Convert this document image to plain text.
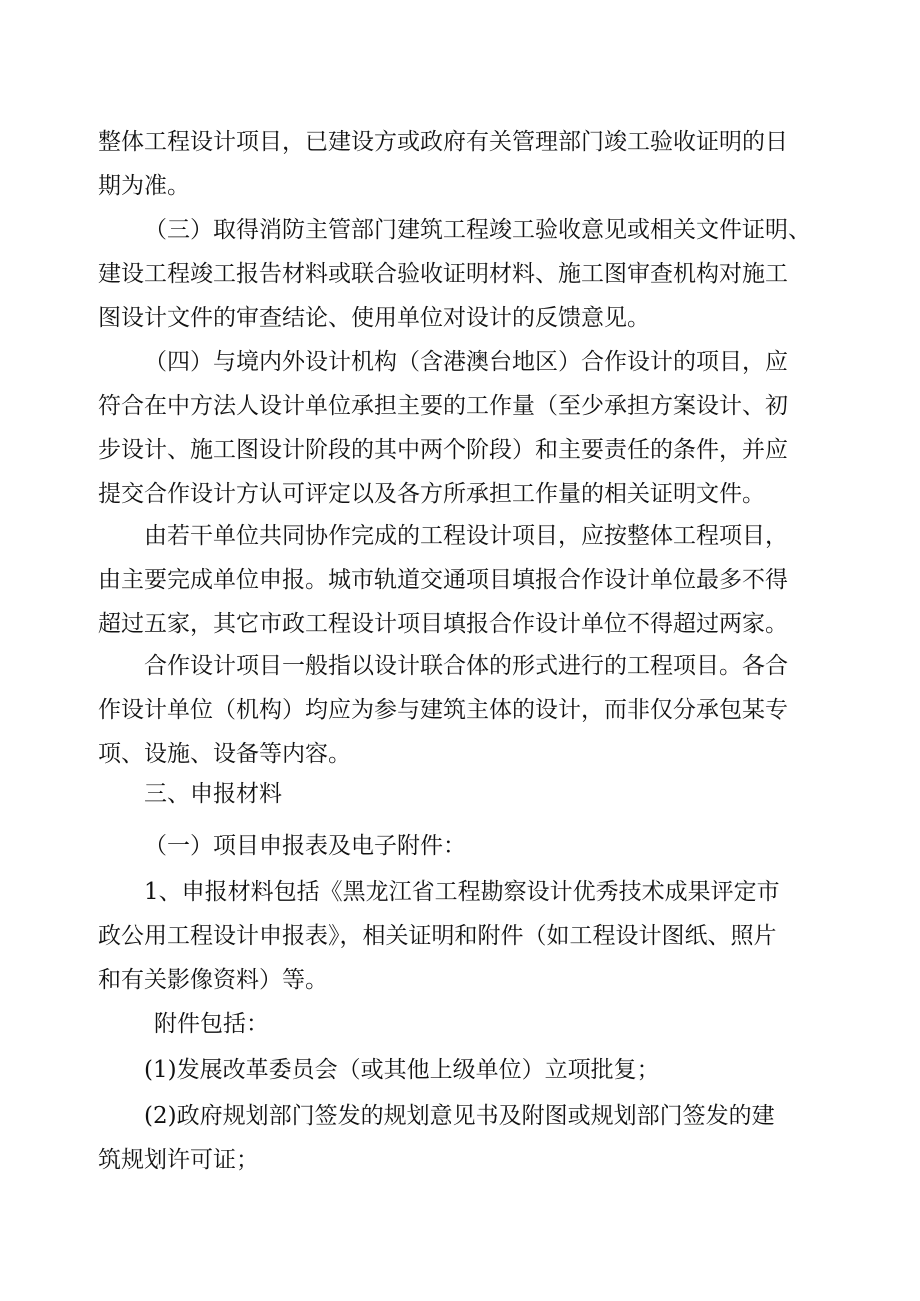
整体工程设计项目，已建设方或政府有关管理部门竣工验收证明的日
期为准。
（三）取得消防主管部门建筑工程竣工验收意见或相关文件证明、
建设工程竣工报告材料或联合验收证明材料、施工图审查机构对施工
图设计文件的审查结论、使用单位对设计的反馈意见。
（四）与境内外设计机构（含港澳台地区）合作设计的项目，应
符合在中方法人设计单位承担主要的工作量（至少承担方案设计、初
步设计、施工图设计阶段的其中两个阶段）和主要责任的条件，并应
提交合作设计方认可评定以及各方所承担工作量的相关证明文件。
由若干单位共同协作完成的工程设计项目，应按整体工程项目，
由主要完成单位申报。城市轨道交通项目填报合作设计单位最多不得
超过五家，其它市政工程设计项目填报合作设计单位不得超过两家。
合作设计项目一般指以设计联合体的形式进行的工程项目。各合
作设计单位（机构）均应为参与建筑主体的设计，而非仅分承包某专
项、设施、设备等内容。
三、申报材料
（一）项目申报表及电子附件：
1、申报材料包括《黑龙江省工程勘察设计优秀技术成果评定市
政公用工程设计申报表》，相关证明和附件（如工程设计图纸、照片
和有关影像资料）等。
附件包括：
(1)发展改革委员会（或其他上级单位）立项批复；
(2)政府规划部门签发的规划意见书及附图或规划部门签发的建
筑规划许可证；
